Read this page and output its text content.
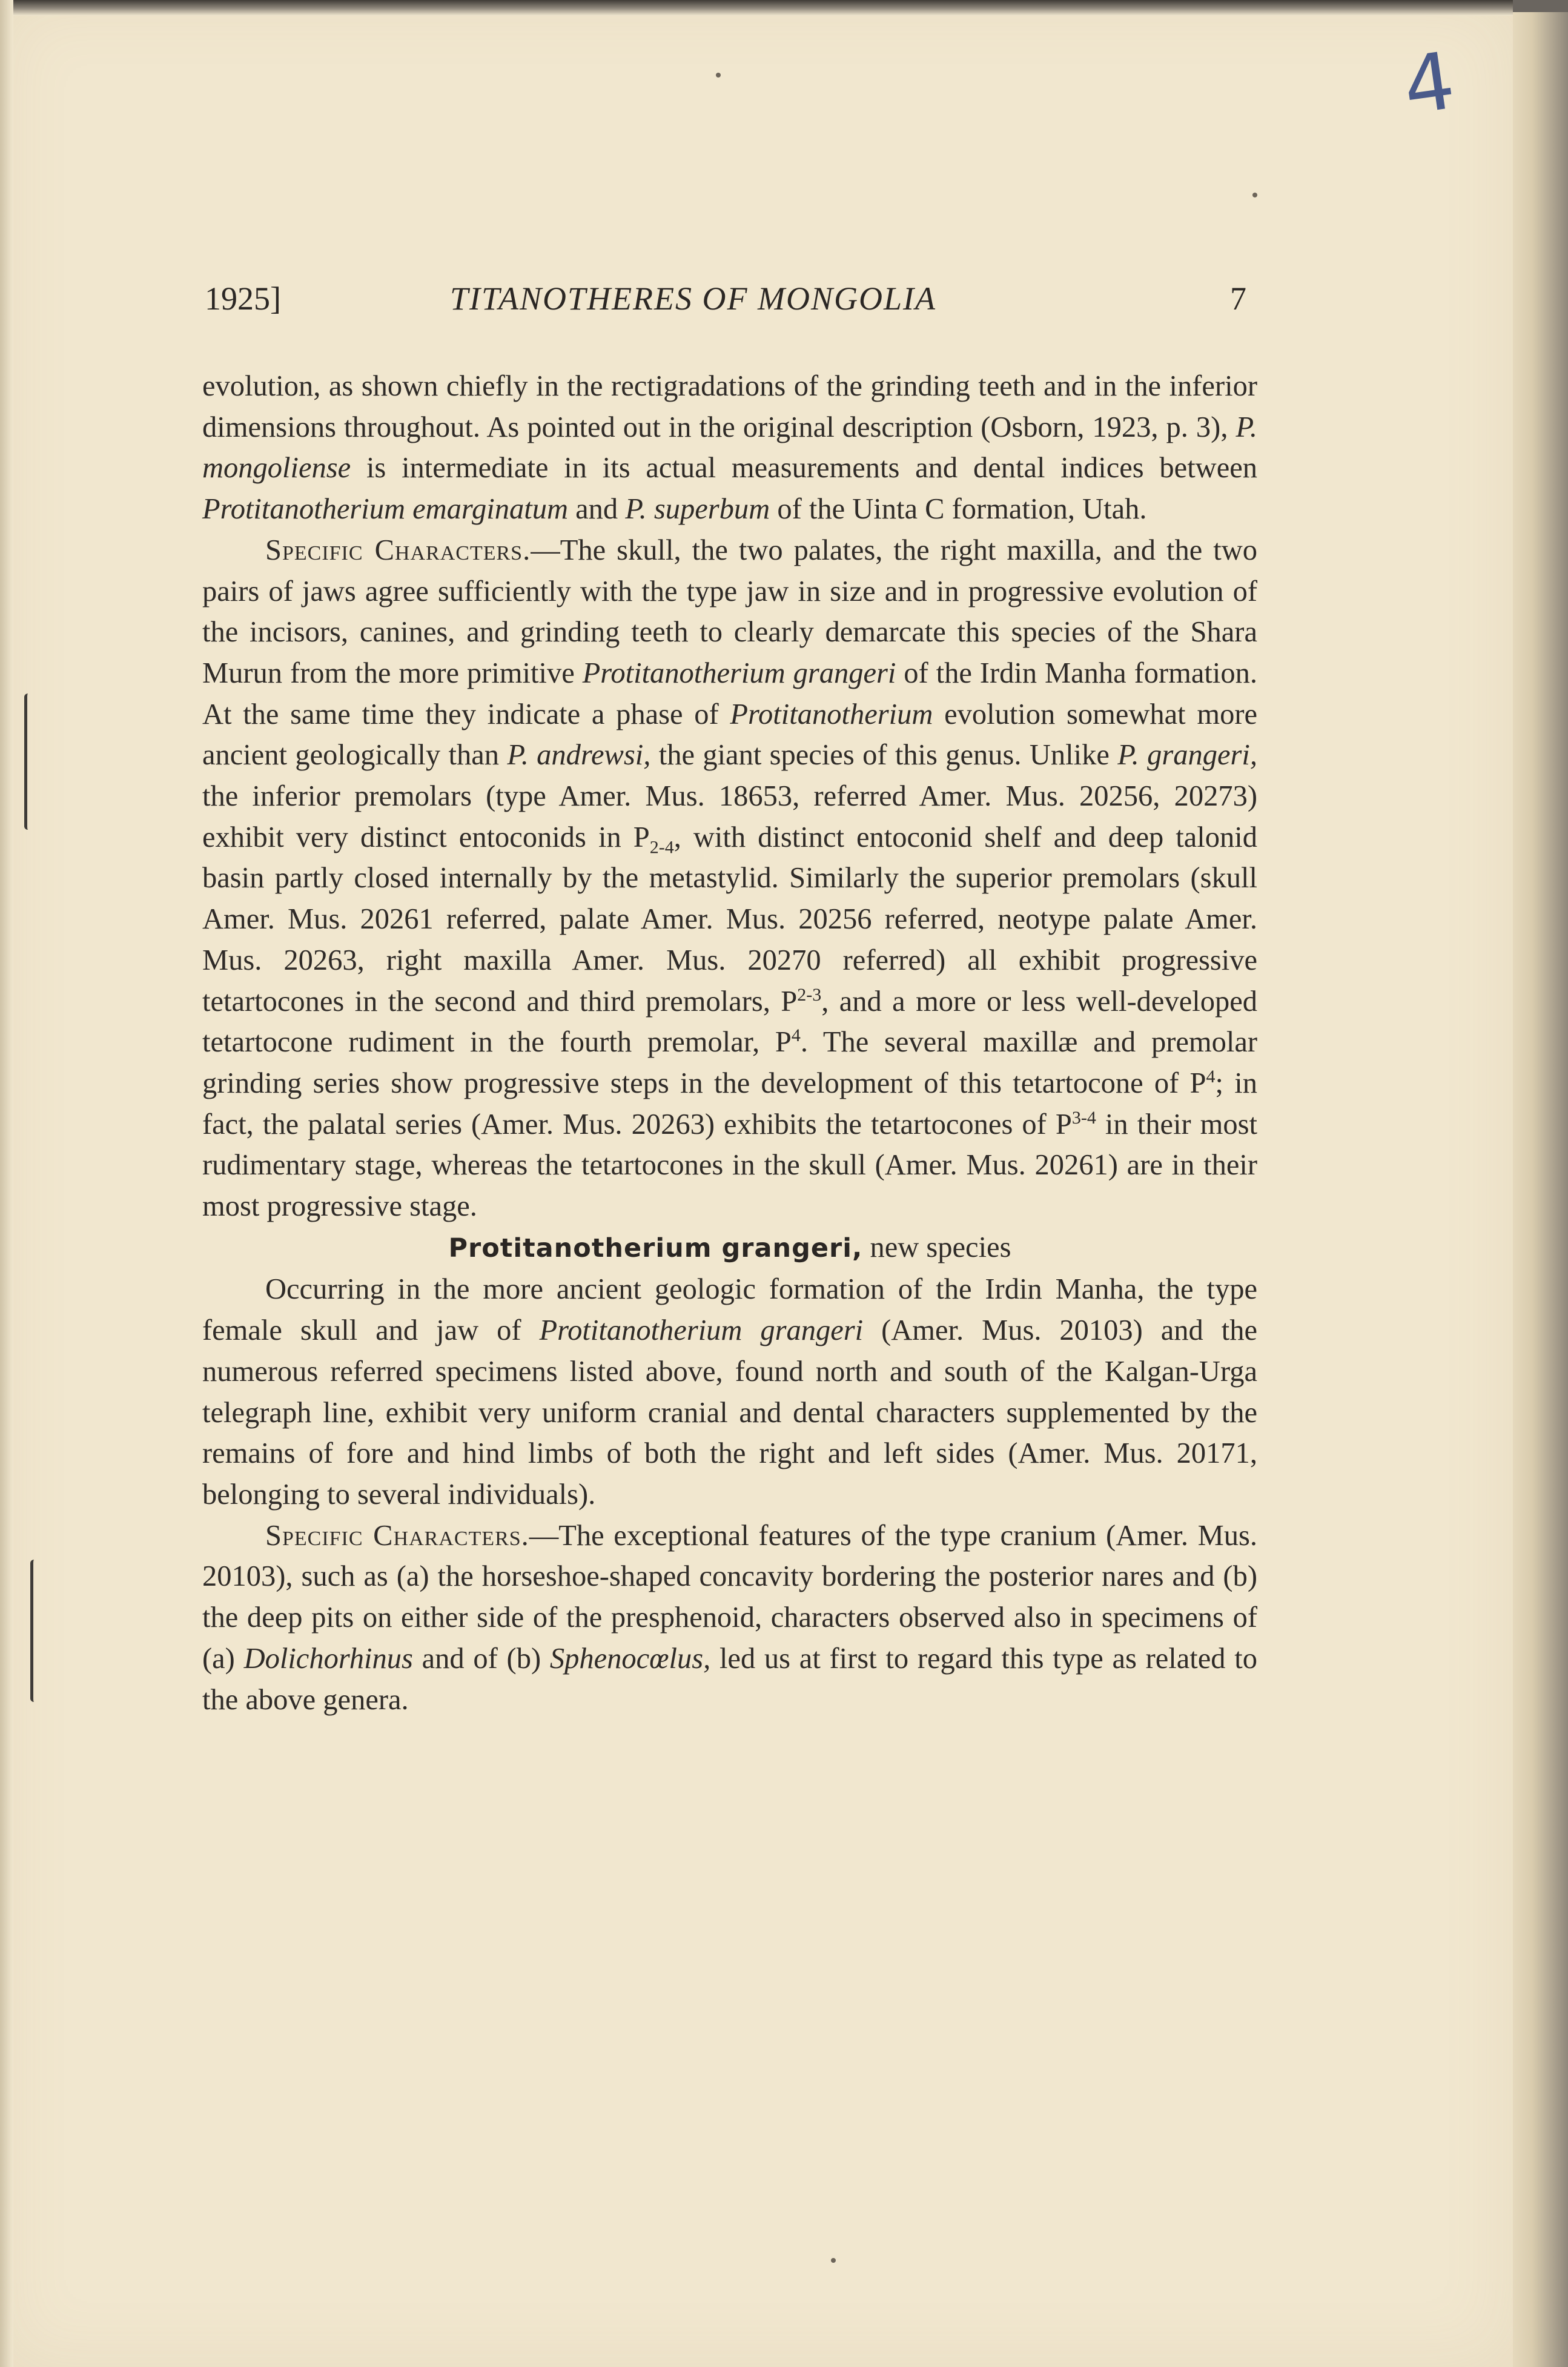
4
1925]	TITANOTHERES OF MONGOLIA	7

evolution, as shown chiefly in the rectigradations of the grinding teeth and in the inferior dimensions throughout. As pointed out in the original description (Osborn, 1923, p. 3), P. mongoliense is intermediate in its actual measurements and dental indices between Protitanotherium emarginatum and P. superbum of the Uinta C formation, Utah.

Specific Characters.—The skull, the two palates, the right maxilla, and the two pairs of jaws agree sufficiently with the type jaw in size and in progressive evolution of the incisors, canines, and grinding teeth to clearly demarcate this species of the Shara Murun from the more primitive Protitanotherium grangeri of the Irdin Manha formation. At the same time they indicate a phase of Protitanotherium evolution somewhat more ancient geologically than P. andrewsi, the giant species of this genus. Unlike P. grangeri, the inferior premolars (type Amer. Mus. 18653, referred Amer. Mus. 20256, 20273) exhibit very distinct entoconids in $P_{2-4}$, with distinct entoconid shelf and deep talonid basin partly closed internally by the metastylid. Similarly the superior premolars (skull Amer. Mus. 20261 referred, palate Amer. Mus. 20256 referred, neotype palate Amer. Mus. 20263, right maxilla Amer. Mus. 20270 referred) all exhibit progressive tetartocones in the second and third premolars, $P^{2-3}$, and a more or less well-developed tetartocone rudiment in the fourth premolar, $P^4$. The several maxillæ and premolar grinding series show progressive steps in the development of this tetartocone of $P^4$; in fact, the palatal series (Amer. Mus. 20263) exhibits the tetartocones of $P^{3-4}$ in their most rudimentary stage, whereas the tetartocones in the skull (Amer. Mus. 20261) are in their most progressive stage.

Protitanotherium grangeri, new species

Occurring in the more ancient geologic formation of the Irdin Manha, the type female skull and jaw of Protitanotherium grangeri (Amer. Mus. 20103) and the numerous referred specimens listed above, found north and south of the Kalgan-Urga telegraph line, exhibit very uniform cranial and dental characters supplemented by the remains of fore and hind limbs of both the right and left sides (Amer. Mus. 20171, belonging to several individuals).

Specific Characters.—The exceptional features of the type cranium (Amer. Mus. 20103), such as (a) the horseshoe-shaped concavity bordering the posterior nares and (b) the deep pits on either side of the presphenoid, characters observed also in specimens of (a) Dolichorhinus and of (b) Sphenocœlus, led us at first to regard this type as related to the above genera.
